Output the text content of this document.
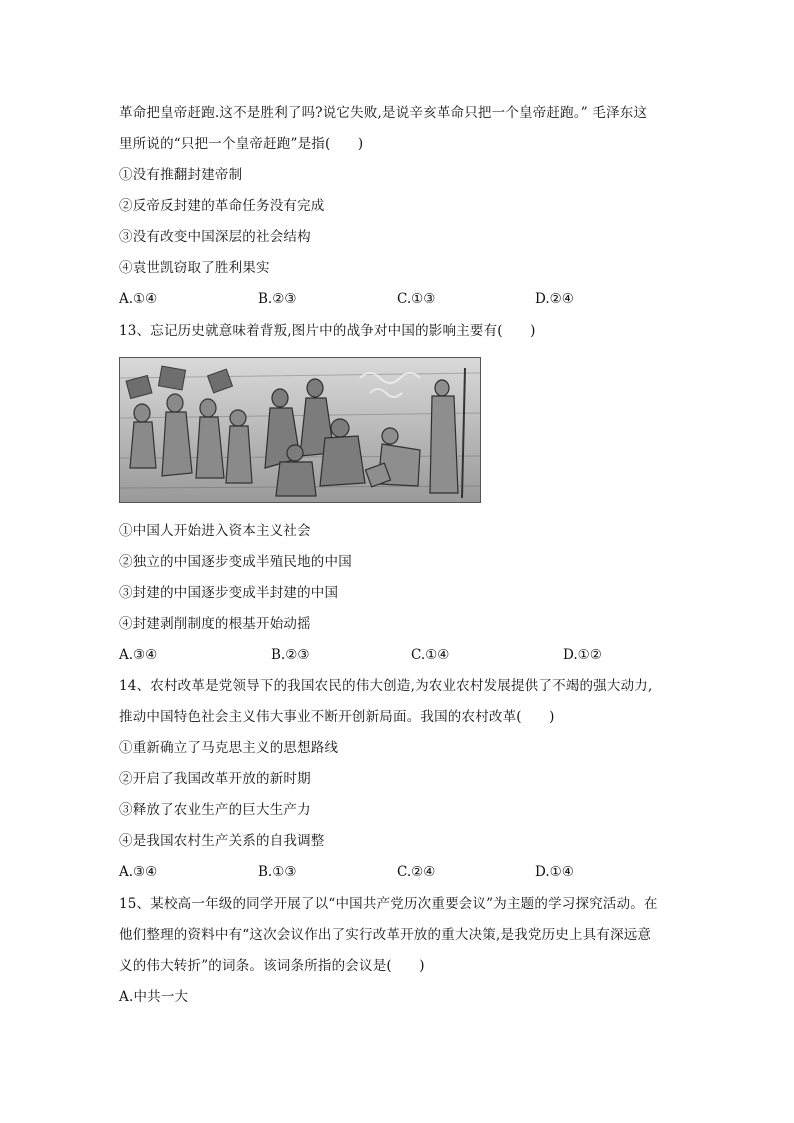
革命把皇帝赶跑.这不是胜利了吗?说它失败,是说辛亥革命只把一个皇帝赶跑。” 毛泽东这
里所说的“只把一个皇帝赶跑”是指(　　)
①没有推翻封建帝制
②反帝反封建的革命任务没有完成
③没有改变中国深层的社会结构
④袁世凯窃取了胜利果实
A.①④	B.②③	C.①③	D.②④
13、忘记历史就意味着背叛,图片中的战争对中国的影响主要有(　　)
①中国人开始进入资本主义社会
②独立的中国逐步变成半殖民地的中国
③封建的中国逐步变成半封建的中国
④封建剥削制度的根基开始动摇
A.③④	B.②③	C.①④	D.①②
14、农村改革是党领导下的我国农民的伟大创造,为农业农村发展提供了不竭的强大动力,
推动中国特色社会主义伟大事业不断开创新局面。我国的农村改革(　　)
①重新确立了马克思主义的思想路线
②开启了我国改革开放的新时期
③释放了农业生产的巨大生产力
④是我国农村生产关系的自我调整
A.③④	B.①③	C.②④	D.①④
15、某校高一年级的同学开展了以“中国共产党历次重要会议”为主题的学习探究活动。在
他们整理的资料中有“这次会议作出了实行改革开放的重大决策,是我党历史上具有深远意
义的伟大转折”的词条。该词条所指的会议是(　　)
A.中共一大
